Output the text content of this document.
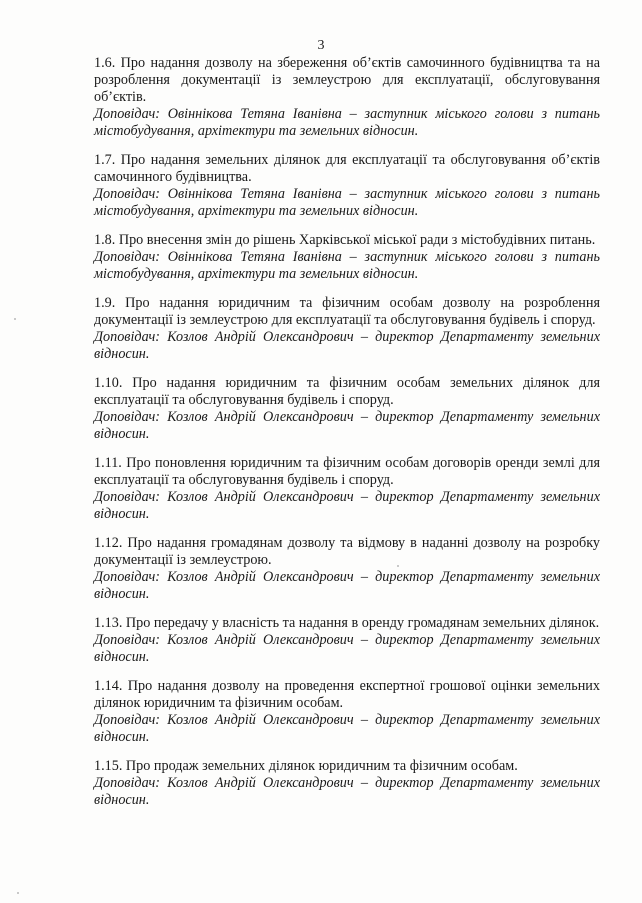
3

1.6. Про надання дозволу на збереження об’єктів самочинного будівництва та на розроблення документації із землеустрою для експлуатації, обслуговування об’єктів.

Доповідач: Овіннікова Тетяна Іванівна – заступник міського голови з питань містобудування, архітектури та земельних відносин.

1.7. Про надання земельних ділянок для експлуатації та обслуговування об’єктів самочинного будівництва.

Доповідач: Овіннікова Тетяна Іванівна – заступник міського голови з питань містобудування, архітектури та земельних відносин.

1.8. Про внесення змін до рішень Харківської міської ради з містобудівних питань.

Доповідач: Овіннікова Тетяна Іванівна – заступник міського голови з питань містобудування, архітектури та земельних відносин.

1.9. Про надання юридичним та фізичним особам дозволу на розроблення документації із землеустрою для експлуатації та обслуговування будівель і споруд.

Доповідач: Козлов Андрій Олександрович – директор Департаменту земельних відносин.

1.10. Про надання юридичним та фізичним особам земельних ділянок для експлуатації та обслуговування будівель і споруд.

Доповідач: Козлов Андрій Олександрович – директор Департаменту земельних відносин.

1.11. Про поновлення юридичним та фізичним особам договорів оренди землі для експлуатації та обслуговування будівель і споруд.

Доповідач: Козлов Андрій Олександрович – директор Департаменту земельних відносин.

1.12. Про надання громадянам дозволу та відмову в наданні дозволу на розробку документації із землеустрою.

Доповідач: Козлов Андрій Олександрович – директор Департаменту земельних відносин.

1.13. Про передачу у власність та надання в оренду громадянам земельних ділянок.

Доповідач: Козлов Андрій Олександрович – директор Департаменту земельних відносин.

1.14. Про надання дозволу на проведення експертної грошової оцінки земельних ділянок юридичним та фізичним особам.

Доповідач: Козлов Андрій Олександрович – директор Департаменту земельних відносин.

1.15. Про продаж земельних ділянок юридичним та фізичним особам.

Доповідач: Козлов Андрій Олександрович – директор Департаменту земельних відносин.
